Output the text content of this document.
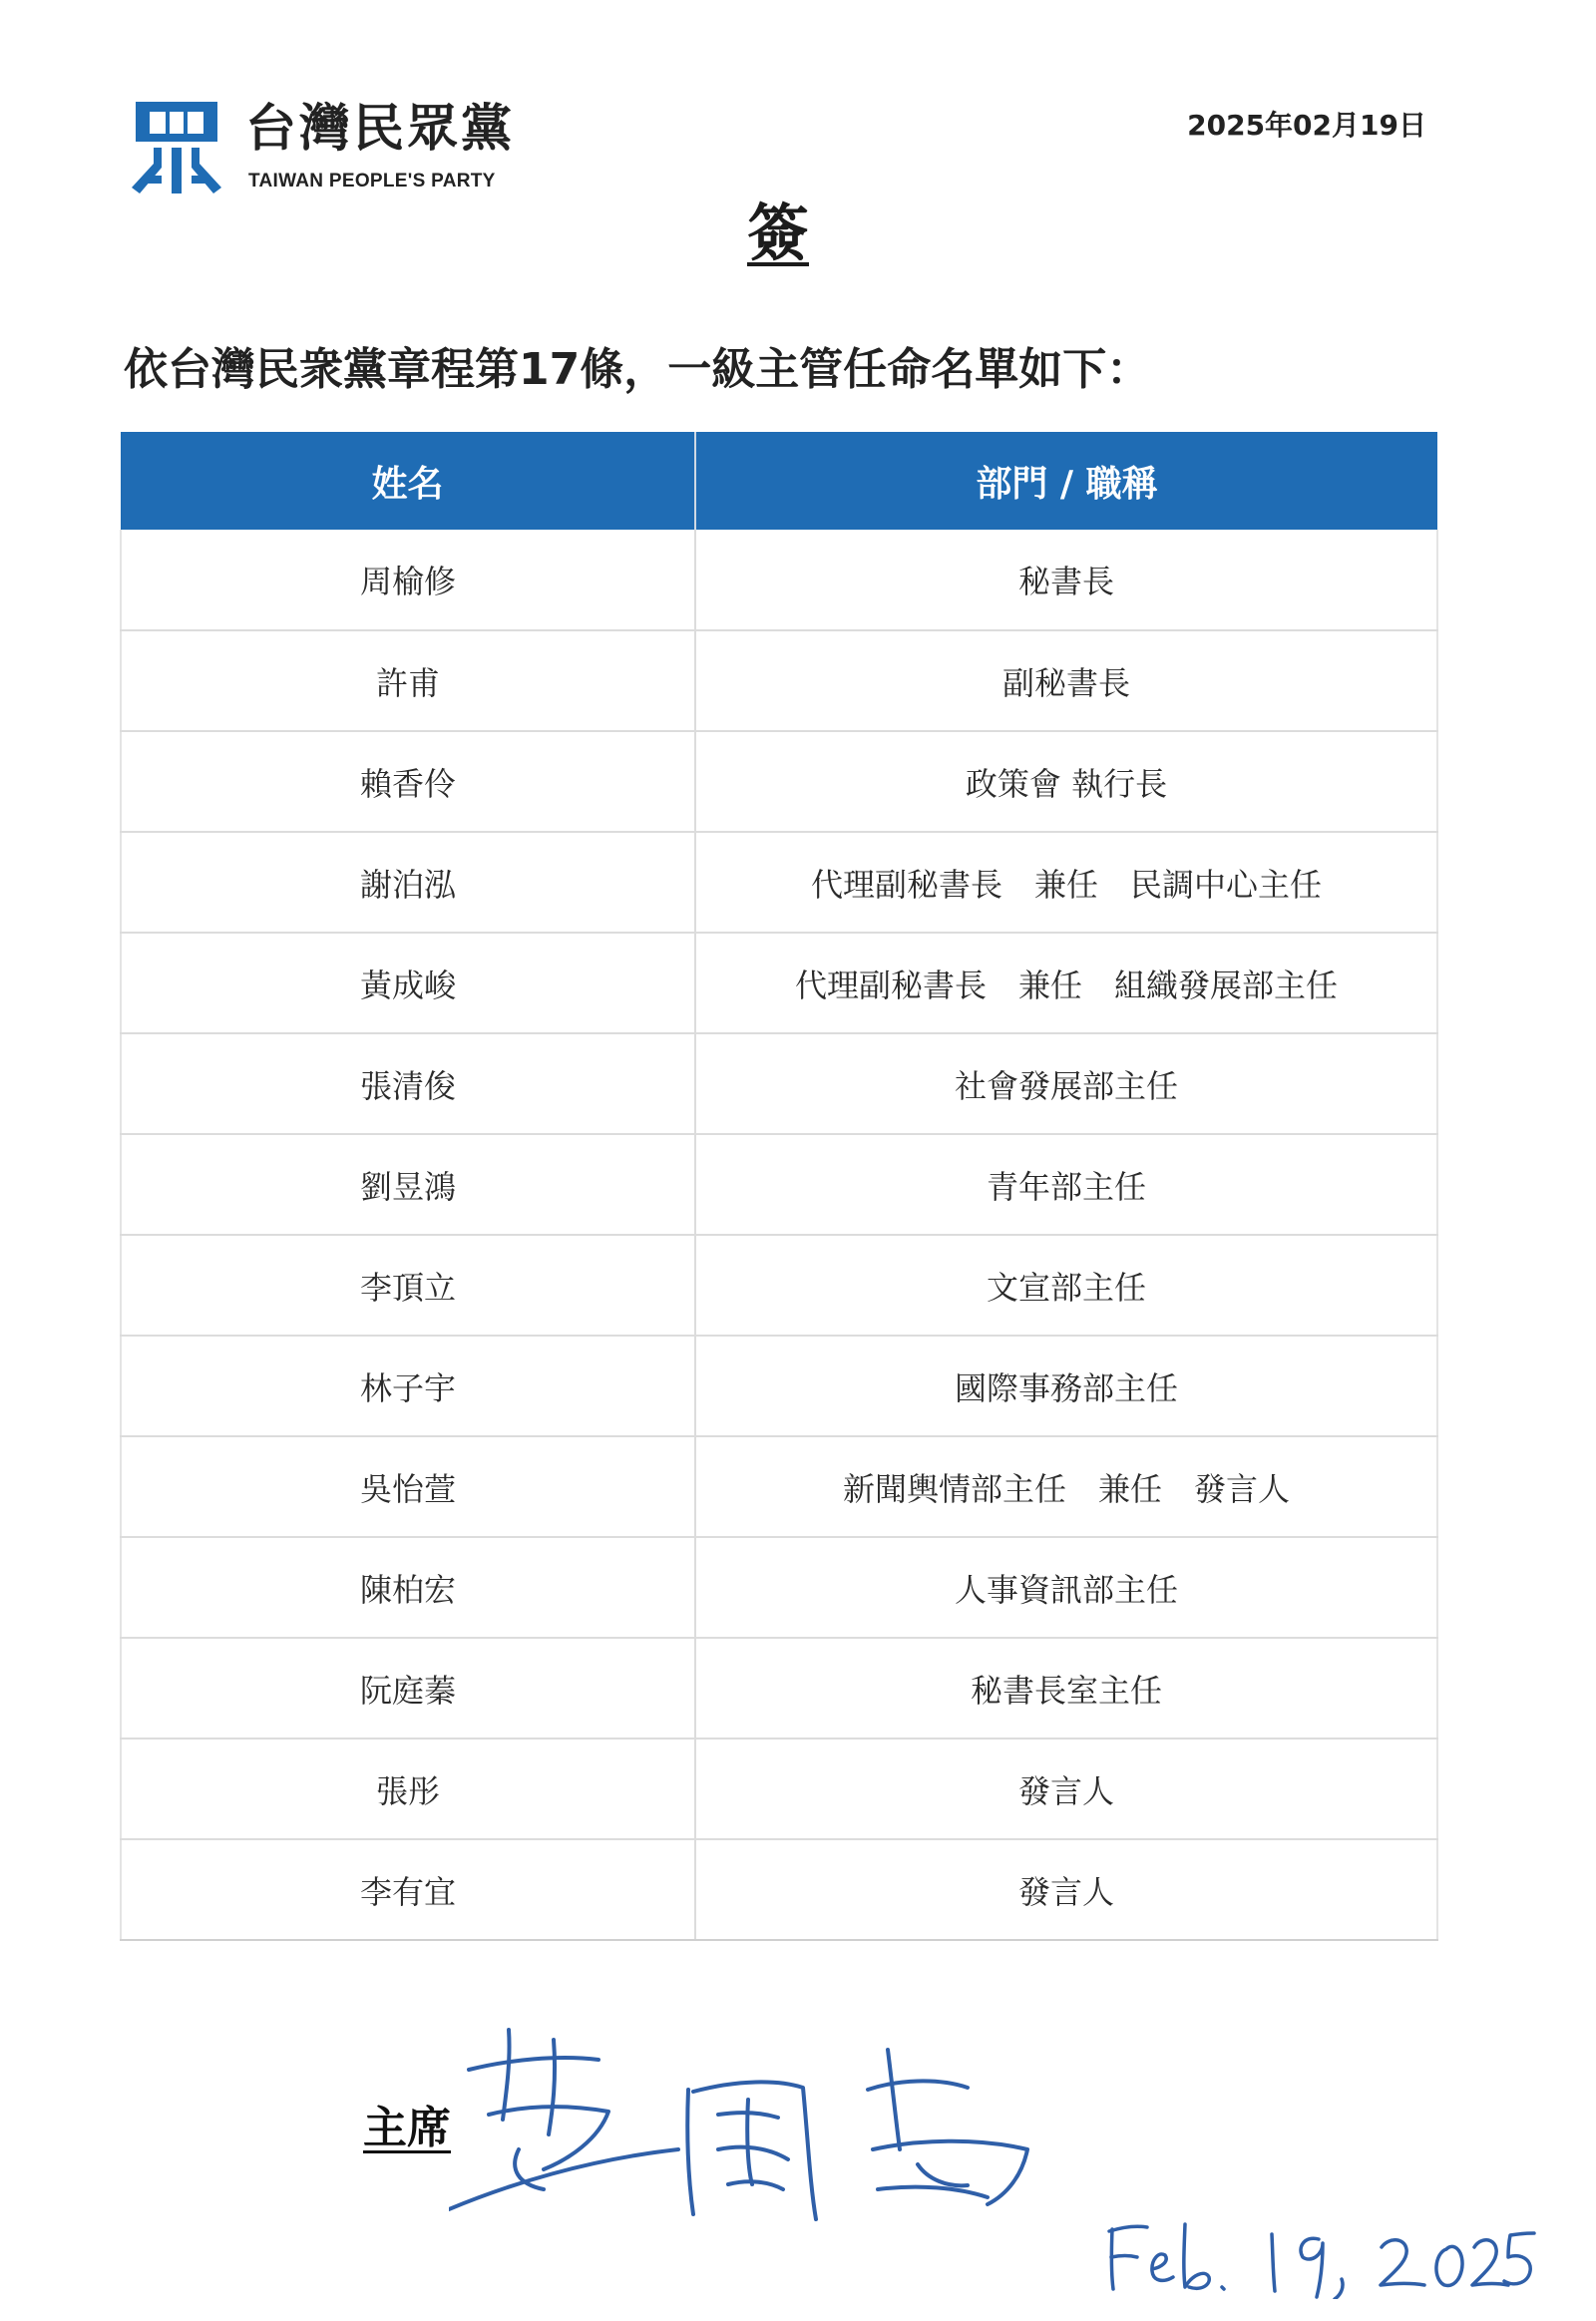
台灣民眾黨
TAIWAN PEOPLE'S PARTY
2025年02月19日
簽
依台灣民衆黨章程第17條，一級主管任命名單如下：
姓名	部門 / 職稱
周榆修	秘書長
許甫	副秘書長
賴香伶	政策會 執行長
謝泊泓	代理副秘書長　兼任　民調中心主任
黃成峻	代理副秘書長　兼任　組織發展部主任
張清俊	社會發展部主任
劉昱鴻	青年部主任
李頂立	文宣部主任
林子宇	國際事務部主任
吳怡萱	新聞輿情部主任　兼任　發言人
陳柏宏	人事資訊部主任
阮庭蓁	秘書長室主任
張彤	發言人
李有宜	發言人
主席
